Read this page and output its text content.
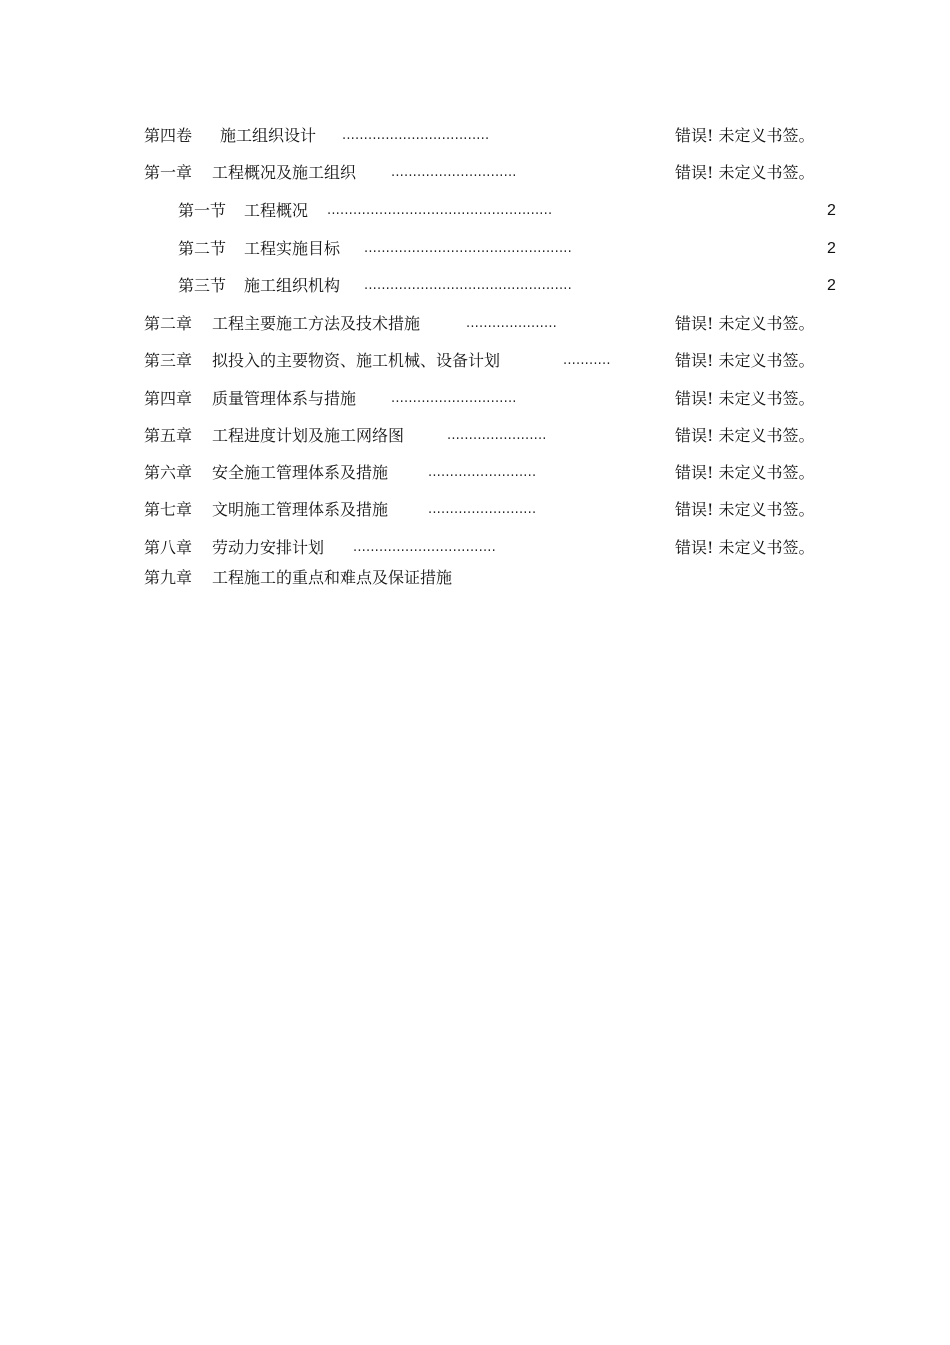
第四卷 施工组织设计 ..................................	错误! 未定义书签。
第一章 工程概况及施工组织	.............................	错误! 未定义书签。
第一节 工程概况 ....................................................	2
第二节 工程实施目标 ................................................	2
第三节 施工组织机构 ................................................	2
第二章 工程主要施工方法及技术措施	.....................	错误! 未定义书签。
第三章 拟投入的主要物资、施工机械、设备计划	...........	错误! 未定义书签。
第四章 质量管理体系与措施	.............................	错误! 未定义书签。
第五章 工程进度计划及施工网络图	.......................	错误! 未定义书签。
第六章 安全施工管理体系及措施	.........................	错误! 未定义书签。
第七章 文明施工管理体系及措施	.........................	错误! 未定义书签。
第八章 劳动力安排计划 .................................	错误! 未定义书签。
第九章 工程施工的重点和难点及保证措施
